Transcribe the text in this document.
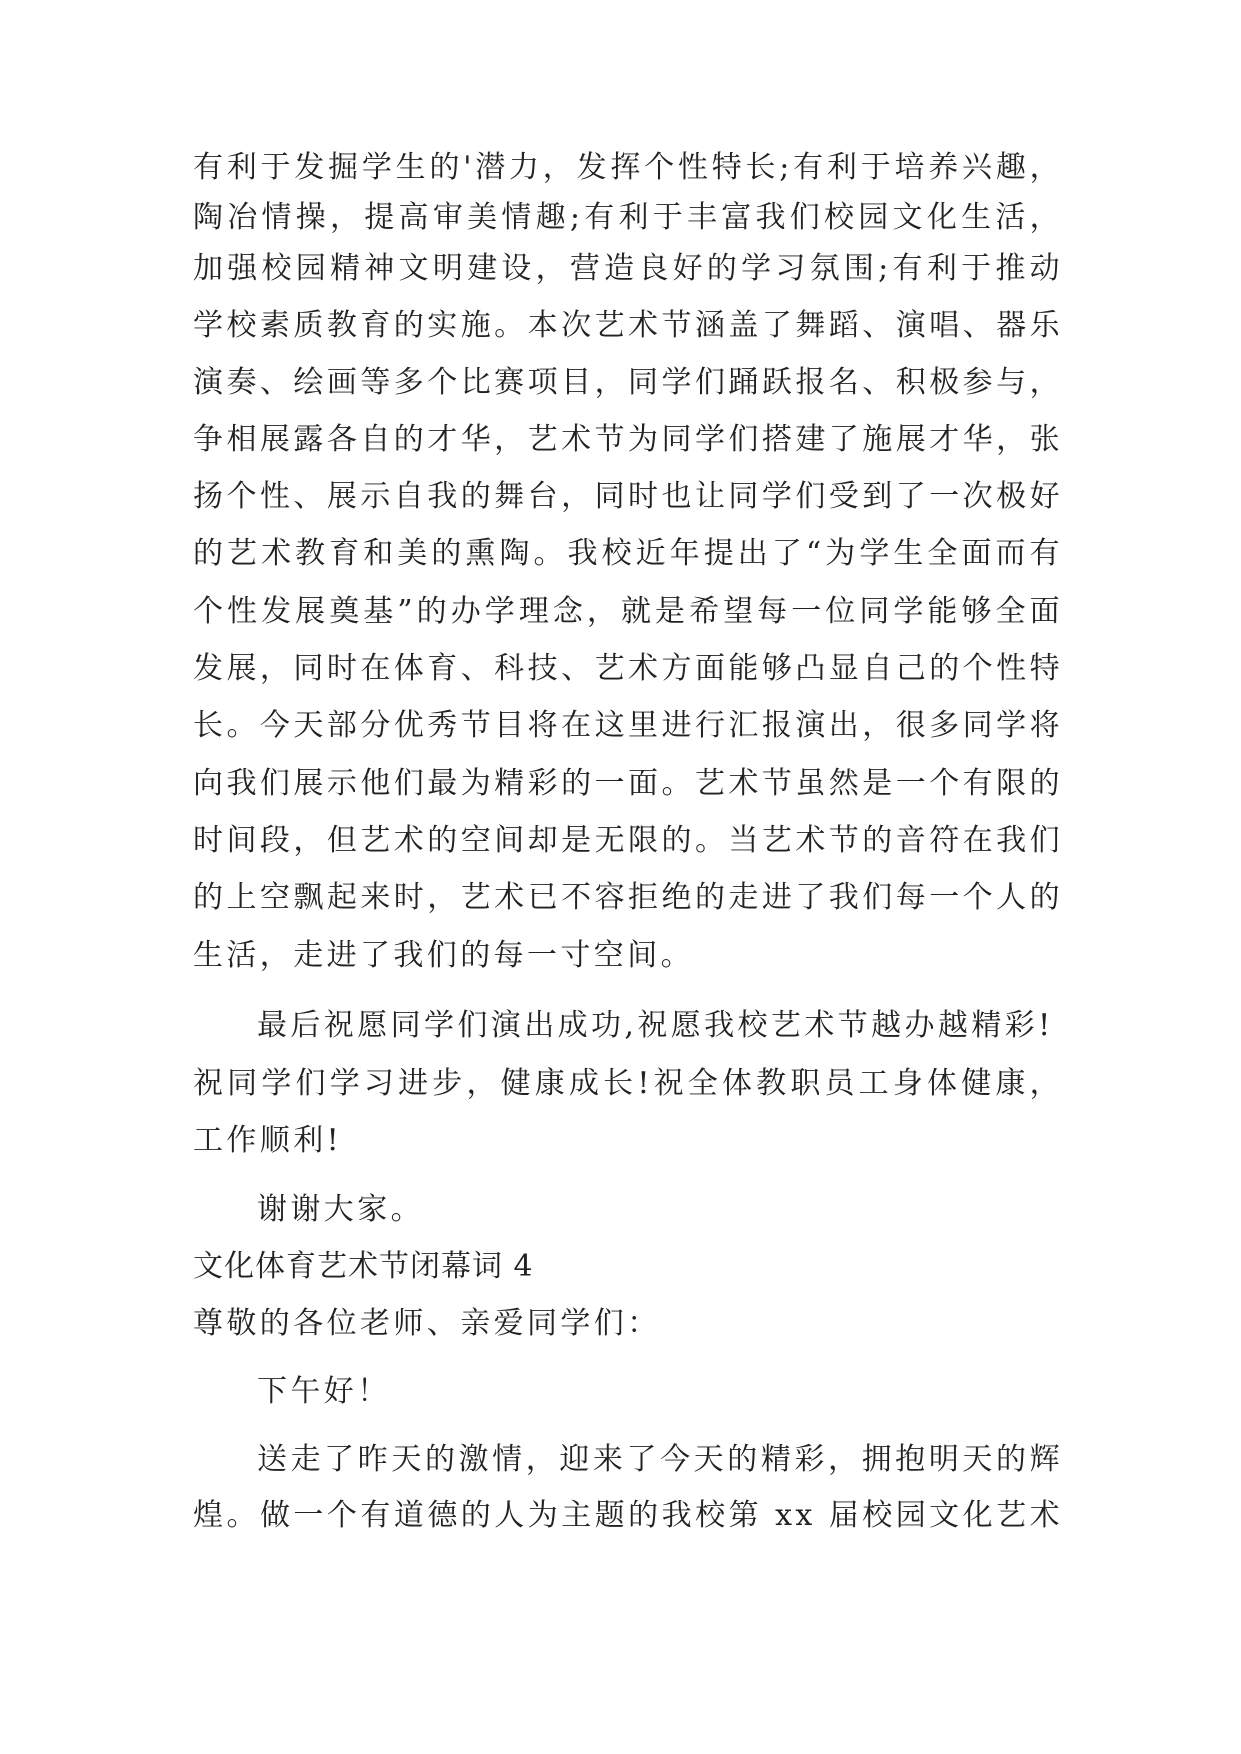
有利于发掘学生的'潜力，发挥个性特长;有利于培养兴趣，
陶冶情操，提高审美情趣;有利于丰富我们校园文化生活，
加强校园精神文明建设，营造良好的学习氛围;有利于推动
学校素质教育的实施。本次艺术节涵盖了舞蹈、演唱、器乐
演奏、绘画等多个比赛项目，同学们踊跃报名、积极参与，
争相展露各自的才华，艺术节为同学们搭建了施展才华，张
扬个性、展示自我的舞台，同时也让同学们受到了一次极好
的艺术教育和美的熏陶。我校近年提出了“为学生全面而有
个性发展奠基”的办学理念，就是希望每一位同学能够全面
发展，同时在体育、科技、艺术方面能够凸显自己的个性特
长。今天部分优秀节目将在这里进行汇报演出，很多同学将
向我们展示他们最为精彩的一面。艺术节虽然是一个有限的
时间段，但艺术的空间却是无限的。当艺术节的音符在我们
的上空飘起来时，艺术已不容拒绝的走进了我们每一个人的
生活，走进了我们的每一寸空间。
最后祝愿同学们演出成功,祝愿我校艺术节越办越精彩!
祝同学们学习进步，健康成长!祝全体教职员工身体健康，
工作顺利!
谢谢大家。
文化体育艺术节闭幕词 4
尊敬的各位老师、亲爱同学们：
下午好！
送走了昨天的激情，迎来了今天的精彩，拥抱明天的辉
煌。做一个有道德的人为主题的我校第 xx 届校园文化艺术
